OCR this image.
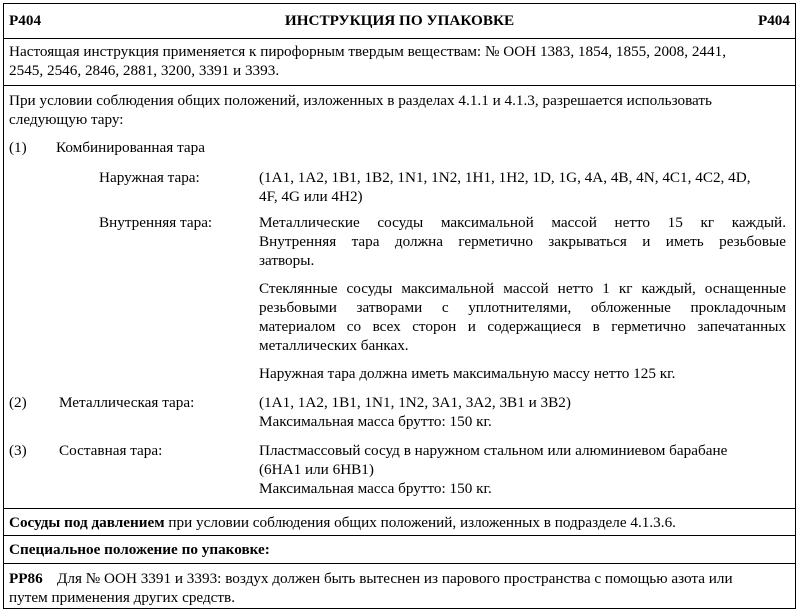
P404	ИНСТРУКЦИЯ ПО УПАКОВКЕ	P404
Настоящая инструкция применяется к пирофорным твердым веществам: № ООН 1383, 1854, 1855, 2008, 2441,
2545, 2546, 2846, 2881, 3200, 3391 и 3393.
При условии соблюдения общих положений, изложенных в разделах 4.1.1 и 4.1.3, разрешается использовать
следующую тару:
(1) Комбинированная тара
Наружная тара:	(1A1, 1A2, 1B1, 1B2, 1N1, 1N2, 1H1, 1H2, 1D, 1G, 4A, 4B, 4N, 4C1, 4C2, 4D,
4F, 4G или 4H2)
Внутренняя тара:	Металлические сосуды максимальной массой нетто 15 кг каждый.
Внутренняя тара должна герметично закрываться и иметь резьбовые
затворы.
Стеклянные сосуды максимальной массой нетто 1 кг каждый, оснащенные
резьбовыми затворами с уплотнителями, обложенные прокладочным
материалом со всех сторон и содержащиеся в герметично запечатанных
металлических банках.
Наружная тара должна иметь максимальную массу нетто 125 кг.
(2) Металлическая тара:	(1A1, 1A2, 1B1, 1N1, 1N2, 3A1, 3A2, 3B1 и 3B2)
Максимальная масса брутто: 150 кг.
(3) Составная тара:	Пластмассовый сосуд в наружном стальном или алюминиевом барабане
(6HA1 или 6HB1)
Максимальная масса брутто: 150 кг.
Сосуды под давлением при условии соблюдения общих положений, изложенных в подразделе 4.1.3.6.
Специальное положение по упаковке:
PP86 Для № ООН 3391 и 3393: воздух должен быть вытеснен из парового пространства с помощью азота или
путем применения других средств.
